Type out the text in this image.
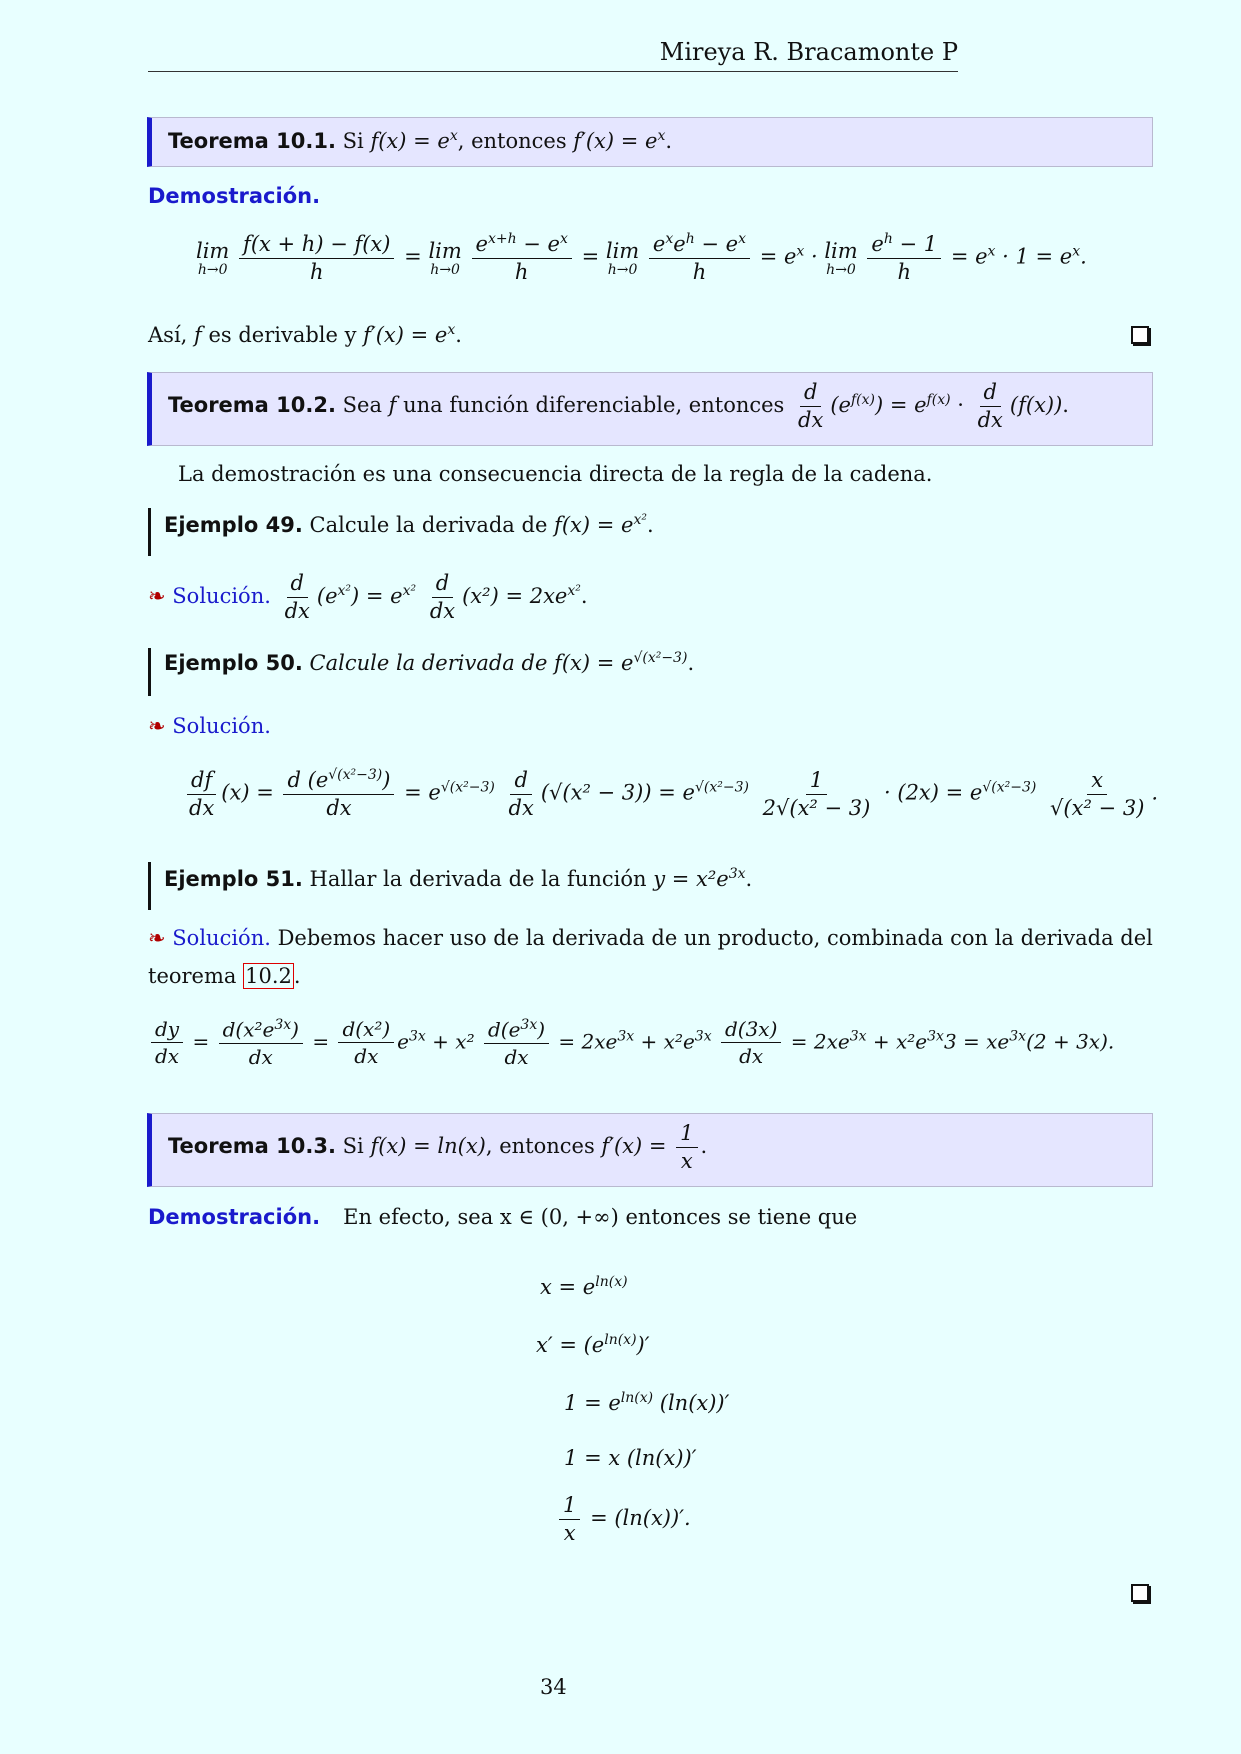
Mireya R. Bracamonte P
Teorema 10.1. Si $f(x) = e^x$, entonces $f'(x) = e^x$.
Demostración.
lim
h→0
$\frac{f(x + h) - f(x)}{h} = \lim$
h→0
$\frac{e^{x+h} - e^x}{h} = \lim$
h→0
$\frac{e^xe^h - e^x}{h} = e^x \cdot \lim$
h→0
$\frac{e^h - 1}{h} = e^x \cdot 1 = e^x$.
Así, f es derivable y $f'(x) = e^x$.
Teorema 10.2. Sea f una función diferenciable, entonces $\frac{d}{dx} (e^{f(x)}) = e^{f(x)} \cdot \frac{d}{dx} (f(x))$.
La demostración es una consecuencia directa de la regla de la cadena.
Ejemplo 49. Calcule la derivada de $f(x) = e^{x^2}$.
❧ Solución. $\frac{d}{dx} (e^{x^2}) = e^{x^2} \frac{d}{dx} (x^2) = 2xe^{x^2}$.
Ejemplo 50. Calcule la derivada de $f(x) = e^{√(x^2-3)}$.
❧ Solución.
$\frac{df}{dx} (x) = \frac{d (e^{√(x^2-3)})}{dx} = e^{√(x^2-3)} \frac{d}{dx} (√(x^2 - 3)) = e^{√(x^2-3)} \frac{1}{\text{2√(x² − 3)}} \cdot (2x) = e^{√(x^2-3)} \frac{x}{\text{√(x² − 3)}}$ .
Ejemplo 51. Hallar la derivada de la función $y = x^2e^{3x}$.
❧ Solución. Debemos hacer uso de la derivada de un producto, combinada con la derivada del
teorema 10.2.
$\frac{dy}{dx} = \frac{d(x^2e^{3x})}{dx} = \frac{\text{d(x²)}}{dx} e^{3x} + x^2 \frac{d(e^{3x})}{dx} = 2xe^{3x} + x^2e^{3x} \frac{d(3x)}{dx} = 2xe^{3x} + x^2e^{3x}3 = xe^{3x}(2 + 3x)$.
Teorema 10.3. Si f(x) = ln(x), entonces $f'(x) = \frac{1}{x}$ .
Demostración. En efecto, sea x ∈ (0, +∞) entonces se tiene que
$x = e^{ln(x)}$
$x' = (e^{ln(x)})'$
$1 = e^{ln(x)}$ (ln(x))′
1 = x (ln(x))′
$\frac{1}{x} = (\ln(x))'$.
34
